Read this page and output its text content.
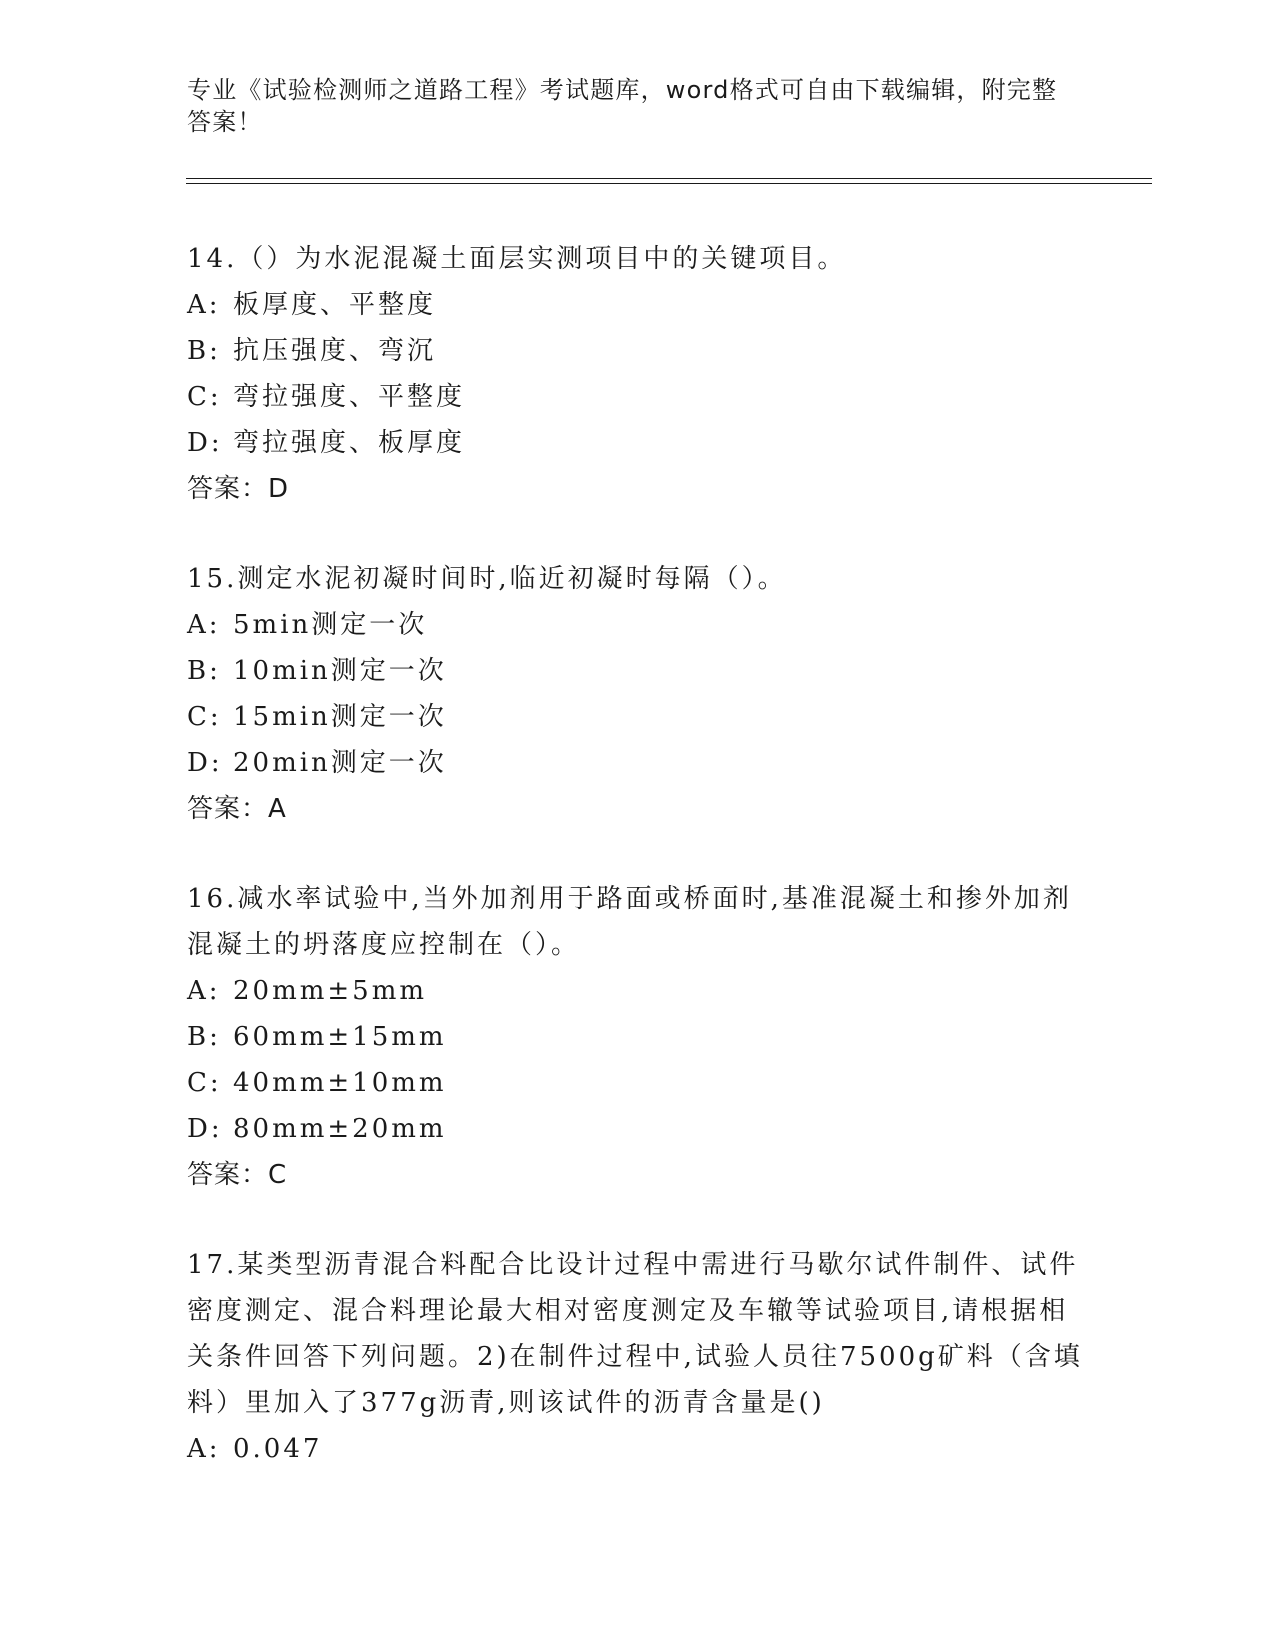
专业《试验检测师之道路工程》考试题库，word格式可自由下载编辑，附完整答案！

14.（）为水泥混凝土面层实测项目中的关键项目。

A: 板厚度、平整度

B: 抗压强度、弯沉

C: 弯拉强度、平整度

D: 弯拉强度、板厚度

答案：D

15.测定水泥初凝时间时,临近初凝时每隔（）。

A: 5min测定一次

B: 10min测定一次

C: 15min测定一次

D: 20min测定一次

答案：A

16.减水率试验中,当外加剂用于路面或桥面时,基准混凝土和掺外加剂混凝土的坍落度应控制在（）。

A: 20mm±5mm

B: 60mm±15mm

C: 40mm±10mm

D: 80mm±20mm

答案：C

17.某类型沥青混合料配合比设计过程中需进行马歇尔试件制件、试件密度测定、混合料理论最大相对密度测定及车辙等试验项目,请根据相关条件回答下列问题。2)在制件过程中,试验人员往7500g矿料（含填料）里加入了377g沥青,则该试件的沥青含量是()

A: 0.047
